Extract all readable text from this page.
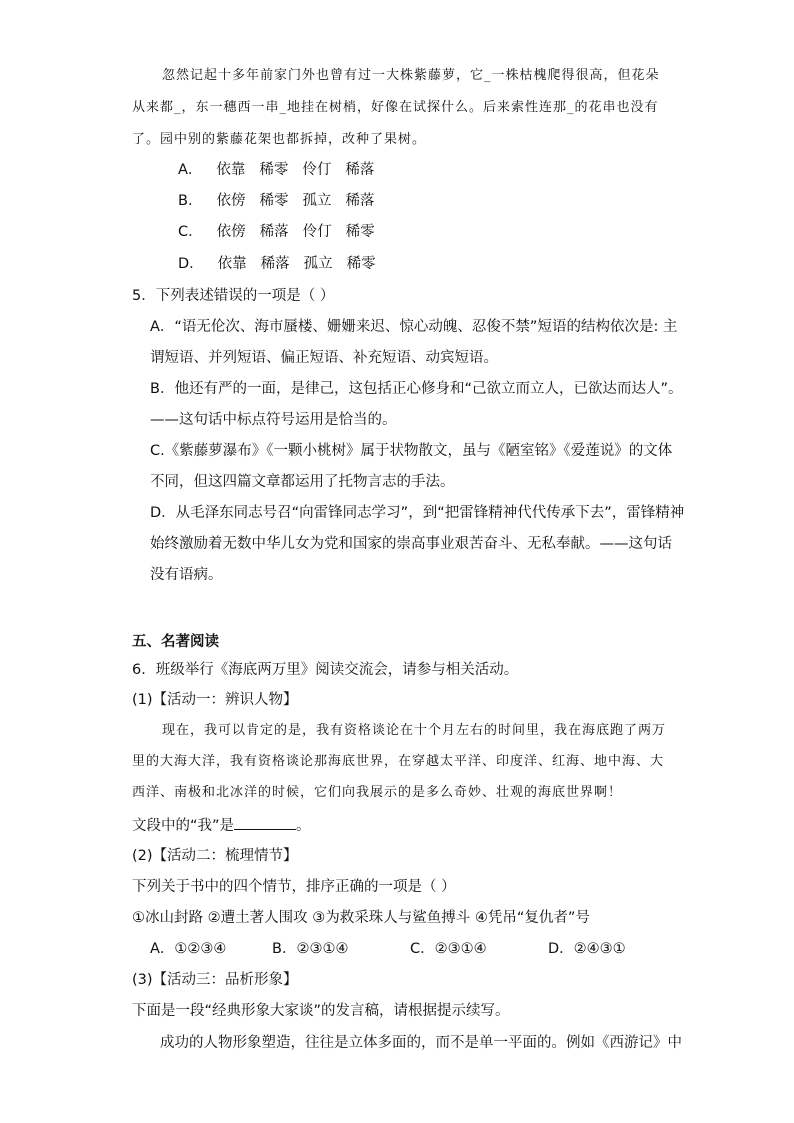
忽然记起十多年前家门外也曾有过一大株紫藤萝，它_一株枯槐爬得很高，但花朵
从来都_，东一穗西一串_地挂在树梢，好像在试探什么。后来索性连那_的花串也没有
了。园中别的紫藤花架也都拆掉，改种了果树。
A． 依靠 稀零 伶仃 稀落
B． 依傍 稀零 孤立 稀落
C． 依傍 稀落 伶仃 稀零
D． 依靠 稀落 孤立 稀零
5．下列表述错误的一项是（ ）
A．“语无伦次、海市蜃楼、姗姗来迟、惊心动魄、忍俊不禁”短语的结构依次是: 主
谓短语、并列短语、偏正短语、补充短语、动宾短语。
B．他还有严的一面，是律己，这包括正心修身和“己欲立而立人，已欲达而达人”。
——这句话中标点符号运用是恰当的。
C.《紫藤萝瀑布》《一颗小桃树》属于状物散文，虽与《陋室铭》《爱莲说》的文体
不同，但这四篇文章都运用了托物言志的手法。
D．从毛泽东同志号召“向雷锋同志学习”，到“把雷锋精神代代传承下去”，雷锋精神
始终激励着无数中华儿女为党和国家的崇高事业艰苦奋斗、无私奉献。——这句话
没有语病。
五、名著阅读
6．班级举行《海底两万里》阅读交流会，请参与相关活动。
(1)【活动一：辨识人物】
现在，我可以肯定的是，我有资格谈论在十个月左右的时间里，我在海底跑了两万
里的大海大洋，我有资格谈论那海底世界，在穿越太平洋、印度洋、红海、地中海、大
西洋、南极和北冰洋的时候，它们向我展示的是多么奇妙、壮观的海底世界啊！
文段中的“我”是	。
(2)【活动二：梳理情节】
下列关于书中的四个情节，排序正确的一项是（ ）
①冰山封路 ②遭土著人围攻 ③为救采珠人与鲨鱼搏斗 ④凭吊“复仇者”号
A．①②③④	B．②③①④	C．②③①④	D．②④③①
(3)【活动三：品析形象】
下面是一段“经典形象大家谈”的发言稿，请根据提示续写。
成功的人物形象塑造，往往是立体多面的，而不是单一平面的。例如《西游记》中
